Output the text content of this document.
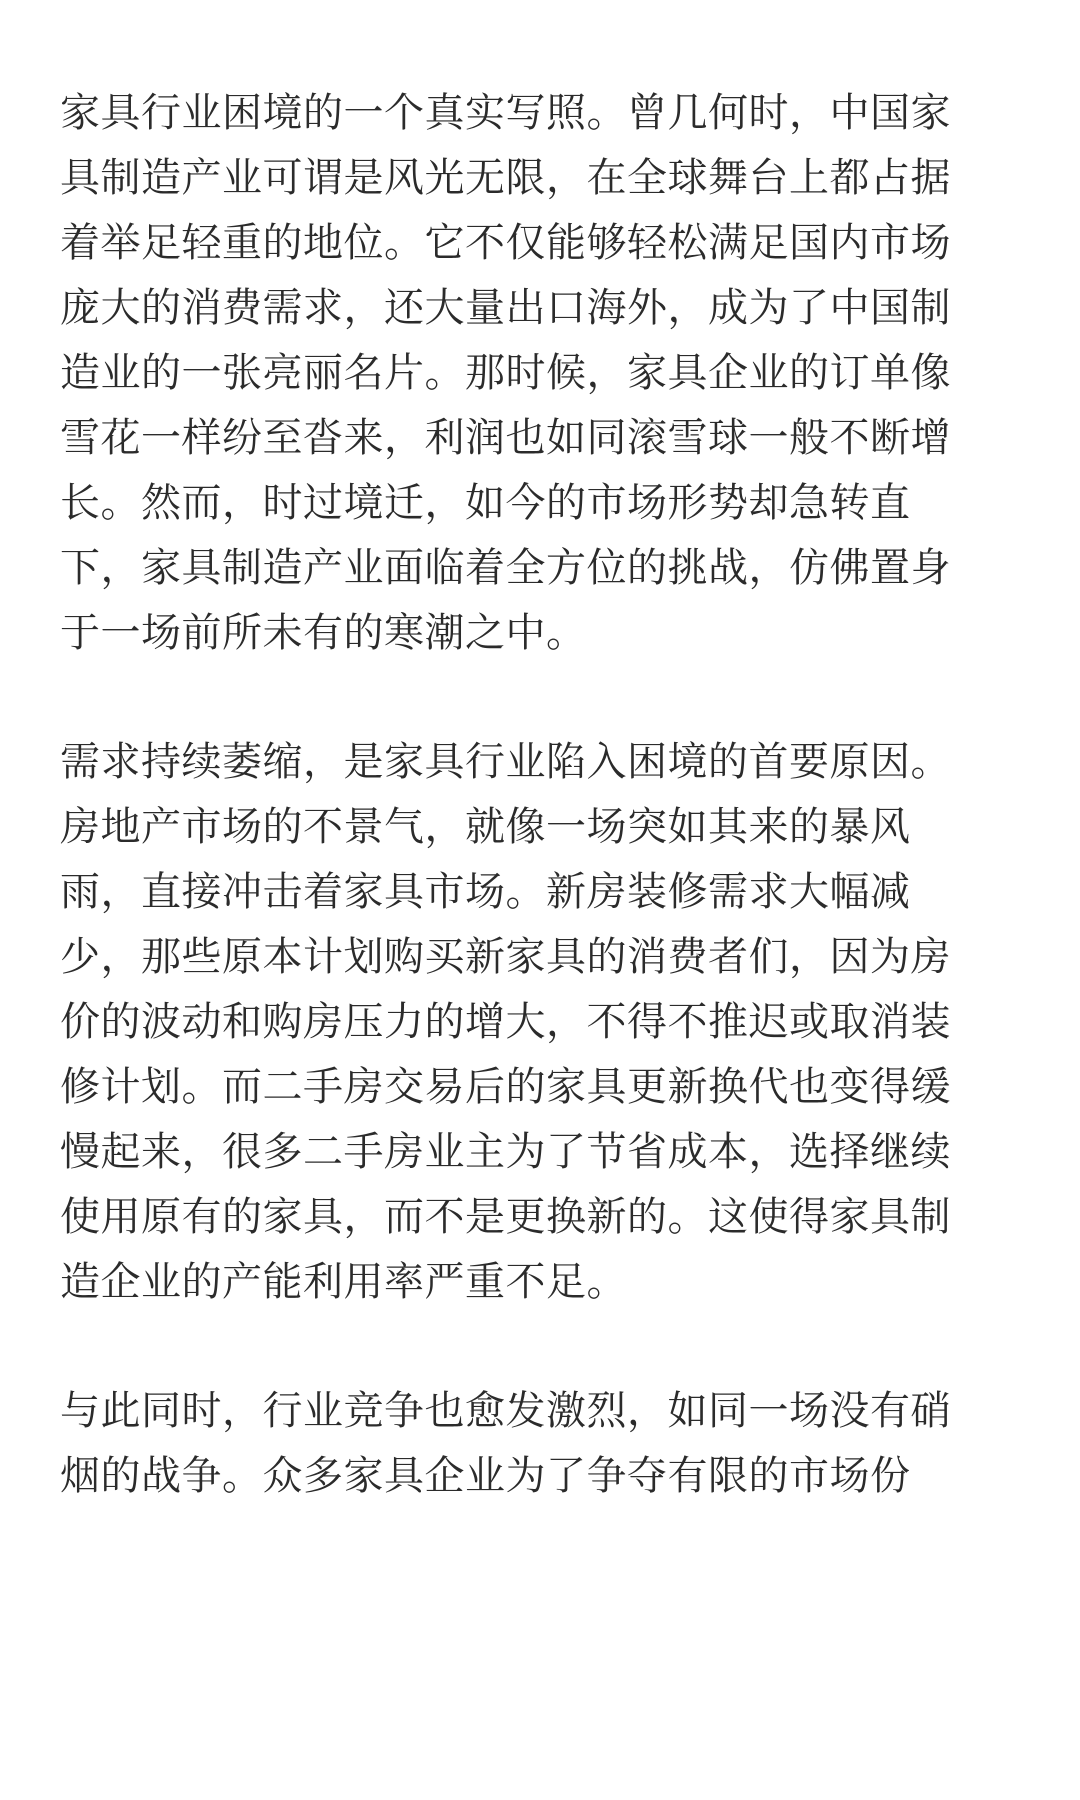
家具行业困境的一个真实写照。曾几何时，中国家
具制造产业可谓是风光无限，在全球舞台上都占据
着举足轻重的地位。它不仅能够轻松满足国内市场
庞大的消费需求，还大量出口海外，成为了中国制
造业的一张亮丽名片。那时候，家具企业的订单像
雪花一样纷至沓来，利润也如同滚雪球一般不断增
长。然而，时过境迁，如今的市场形势却急转直
下，家具制造产业面临着全方位的挑战，仿佛置身
于一场前所未有的寒潮之中。
需求持续萎缩，是家具行业陷入困境的首要原因。
房地产市场的不景气，就像一场突如其来的暴风
雨，直接冲击着家具市场。新房装修需求大幅减
少，那些原本计划购买新家具的消费者们，因为房
价的波动和购房压力的增大，不得不推迟或取消装
修计划。而二手房交易后的家具更新换代也变得缓
慢起来，很多二手房业主为了节省成本，选择继续
使用原有的家具，而不是更换新的。这使得家具制
造企业的产能利用率严重不足。
与此同时，行业竞争也愈发激烈，如同一场没有硝
烟的战争。众多家具企业为了争夺有限的市场份
